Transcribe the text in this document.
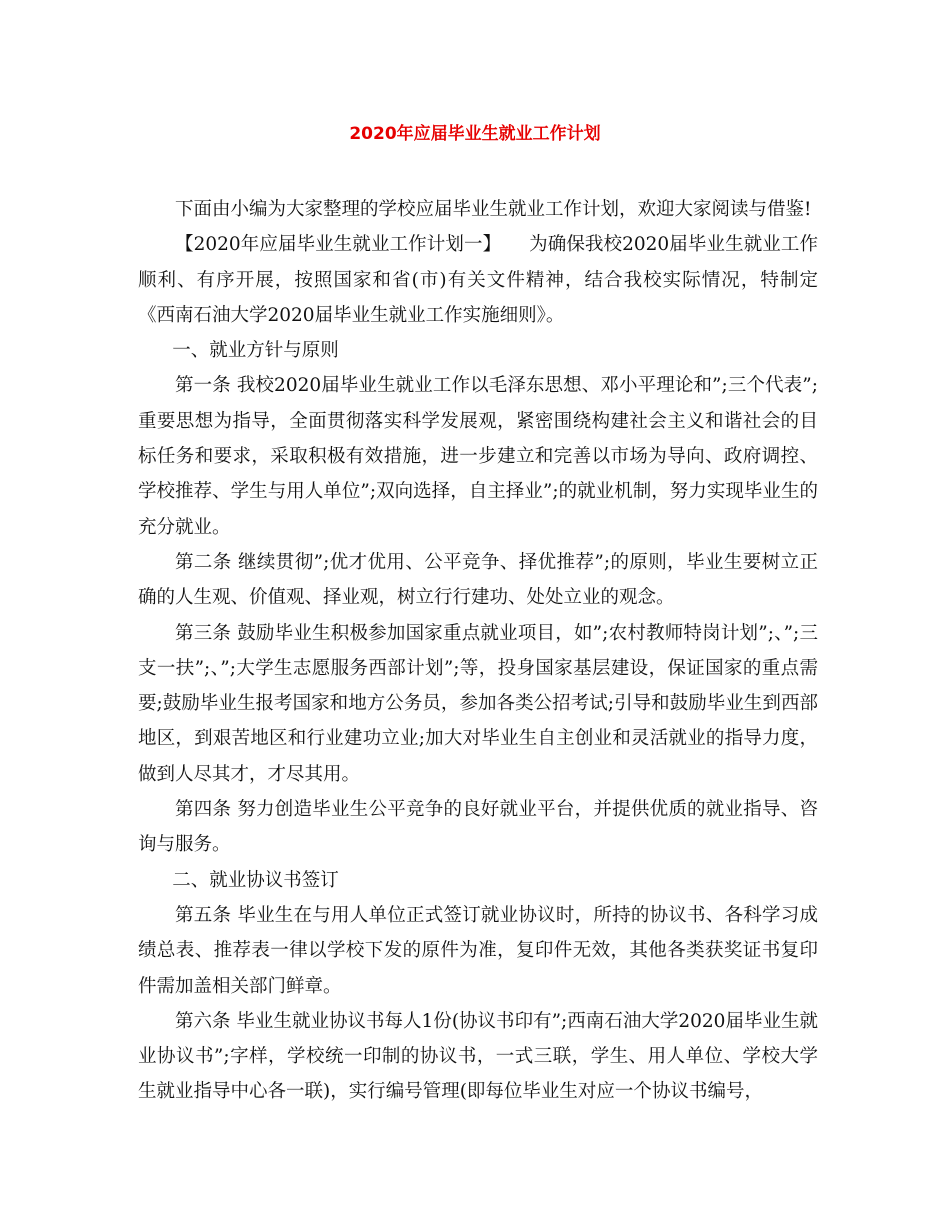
2020年应届毕业生就业工作计划

下面由小编为大家整理的学校应届毕业生就业工作计划，欢迎大家阅读与借鉴!

【2020年应届毕业生就业工作计划一】　　为确保我校2020届毕业生就业工作顺利、有序开展，按照国家和省(市)有关文件精神，结合我校实际情况，特制定《西南石油大学2020届毕业生就业工作实施细则》。

一、就业方针与原则

第一条 我校2020届毕业生就业工作以毛泽东思想、邓小平理论和”;三个代表”;重要思想为指导，全面贯彻落实科学发展观，紧密围绕构建社会主义和谐社会的目标任务和要求，采取积极有效措施，进一步建立和完善以市场为导向、政府调控、学校推荐、学生与用人单位”;双向选择，自主择业”;的就业机制，努力实现毕业生的充分就业。

第二条 继续贯彻”;优才优用、公平竞争、择优推荐”;的原则，毕业生要树立正确的人生观、价值观、择业观，树立行行建功、处处立业的观念。

第三条 鼓励毕业生积极参加国家重点就业项目，如”;农村教师特岗计划”;、”;三支一扶”;、”;大学生志愿服务西部计划”;等，投身国家基层建设，保证国家的重点需要;鼓励毕业生报考国家和地方公务员，参加各类公招考试;引导和鼓励毕业生到西部地区，到艰苦地区和行业建功立业;加大对毕业生自主创业和灵活就业的指导力度，做到人尽其才，才尽其用。

第四条 努力创造毕业生公平竞争的良好就业平台，并提供优质的就业指导、咨询与服务。

二、就业协议书签订

第五条 毕业生在与用人单位正式签订就业协议时，所持的协议书、各科学习成绩总表、推荐表一律以学校下发的原件为准，复印件无效，其他各类获奖证书复印件需加盖相关部门鲜章。

第六条 毕业生就业协议书每人1份(协议书印有”;西南石油大学2020届毕业生就业协议书”;字样，学校统一印制的协议书，一式三联，学生、用人单位、学校大学生就业指导中心各一联)，实行编号管理(即每位毕业生对应一个协议书编号，
